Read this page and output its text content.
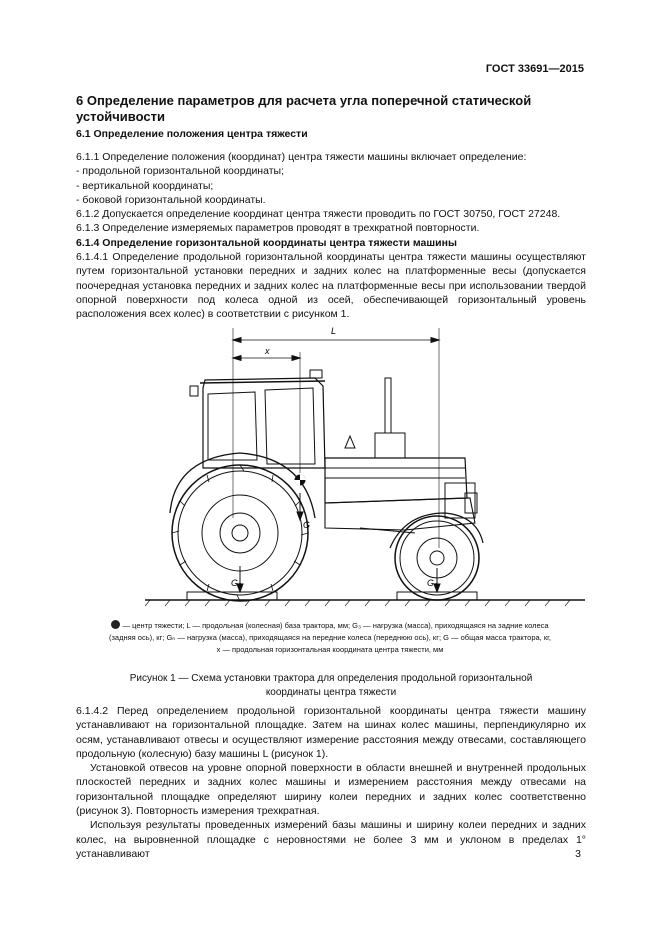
ГОСТ 33691—2015
6 Определение параметров для расчета угла поперечной статической устойчивости
6.1 Определение положения центра тяжести

6.1.1 Определение положения (координат) центра тяжести машины включает определение:

- продольной горизонтальной координаты;

- вертикальной координаты;

- боковой горизонтальной координаты.

6.1.2 Допускается определение координат центра тяжести проводить по ГОСТ 30750, ГОСТ 27248.

6.1.3 Определение измеряемых параметров проводят в трехкратной повторности.

6.1.4 Определение горизонтальной координаты центра тяжести машины

6.1.4.1 Определение продольной горизонтальной координаты центра тяжести машины осуществляют путем горизонтальной установки передних и задних колес на платформенные весы (допускается поочередная установка передних и задних колес на платформенные весы при использовании твердой опорной поверхности под колеса одной из осей, обеспечивающей горизонтальный уровень расположения всех колес) в соответствии с рисунком 1.

L
x
G
G₃	Gₙ
— центр тяжести; L — продольная (колесная) база трактора, мм; G₃ — нагрузка (масса), приходящаяся на задние колеса
(задняя ось), кг; Gₙ — нагрузка (масса), приходящаяся на передние колеса (переднюю ось), кг; G — общая масса трактора, кг,
x — продольная горизонтальная координата центра тяжести, мм
Рисунок 1 — Схема установки трактора для определения продольной горизонтальной
координаты центра тяжести

6.1.4.2 Перед определением продольной горизонтальной координаты центра тяжести машину устанавливают на горизонтальной площадке. Затем на шинах колес машины, перпендикулярно их осям, устанавливают отвесы и осуществляют измерение расстояния между отвесами, составляющего продольную (колесную) базу машины L (рисунок 1).

Установкой отвесов на уровне опорной поверхности в области внешней и внутренней продольных плоскостей передних и задних колес машины и измерением расстояния между отвесами на горизонтальной площадке определяют ширину колеи передних и задних колес соответственно (рисунок 3). Повторность измерения трехкратная.

Используя результаты проведенных измерений базы машины и ширину колеи передних и задних колес, на выровненной площадке с неровностями не более 3 мм и уклоном в пределах 1° устанавливают	3
